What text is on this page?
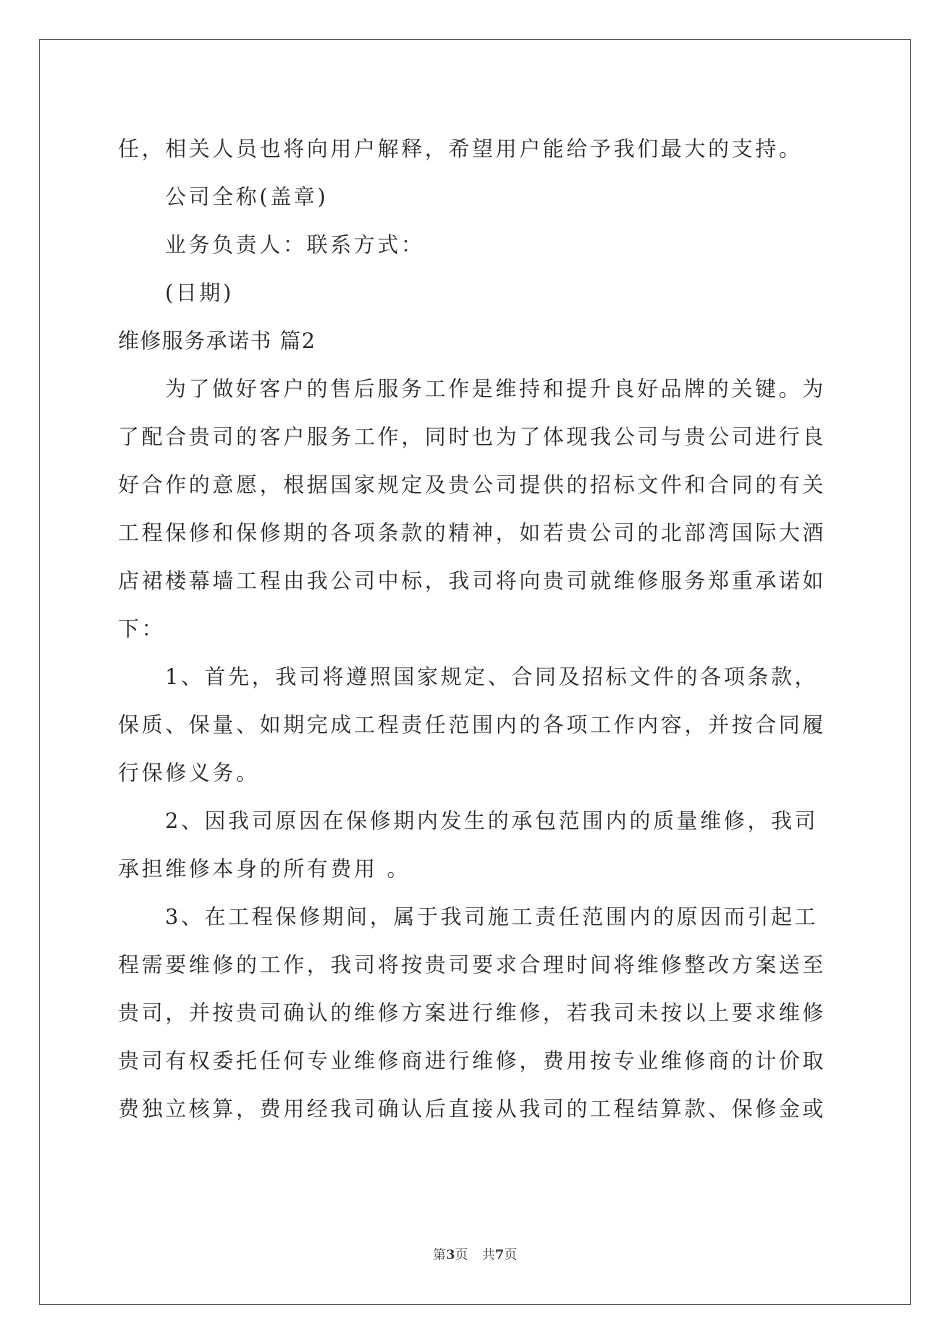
任，相关人员也将向用户解释，希望用户能给予我们最大的支持。
公司全称(盖章)
业务负责人：联系方式：
(日期)
维修服务承诺书 篇2
为了做好客户的售后服务工作是维持和提升良好品牌的关键。为
了配合贵司的客户服务工作，同时也为了体现我公司与贵公司进行良
好合作的意愿，根据国家规定及贵公司提供的招标文件和合同的有关
工程保修和保修期的各项条款的精神，如若贵公司的北部湾国际大酒
店裙楼幕墙工程由我公司中标，我司将向贵司就维修服务郑重承诺如
下：
1、首先，我司将遵照国家规定、合同及招标文件的各项条款，
保质、保量、如期完成工程责任范围内的各项工作内容，并按合同履
行保修义务。
2、因我司原因在保修期内发生的承包范围内的质量维修，我司
承担维修本身的所有费用 。
3、在工程保修期间，属于我司施工责任范围内的原因而引起工
程需要维修的工作，我司将按贵司要求合理时间将维修整改方案送至
贵司，并按贵司确认的维修方案进行维修，若我司未按以上要求维修
贵司有权委托任何专业维修商进行维修，费用按专业维修商的计价取
费独立核算，费用经我司确认后直接从我司的工程结算款、保修金或
第3页 共7页
